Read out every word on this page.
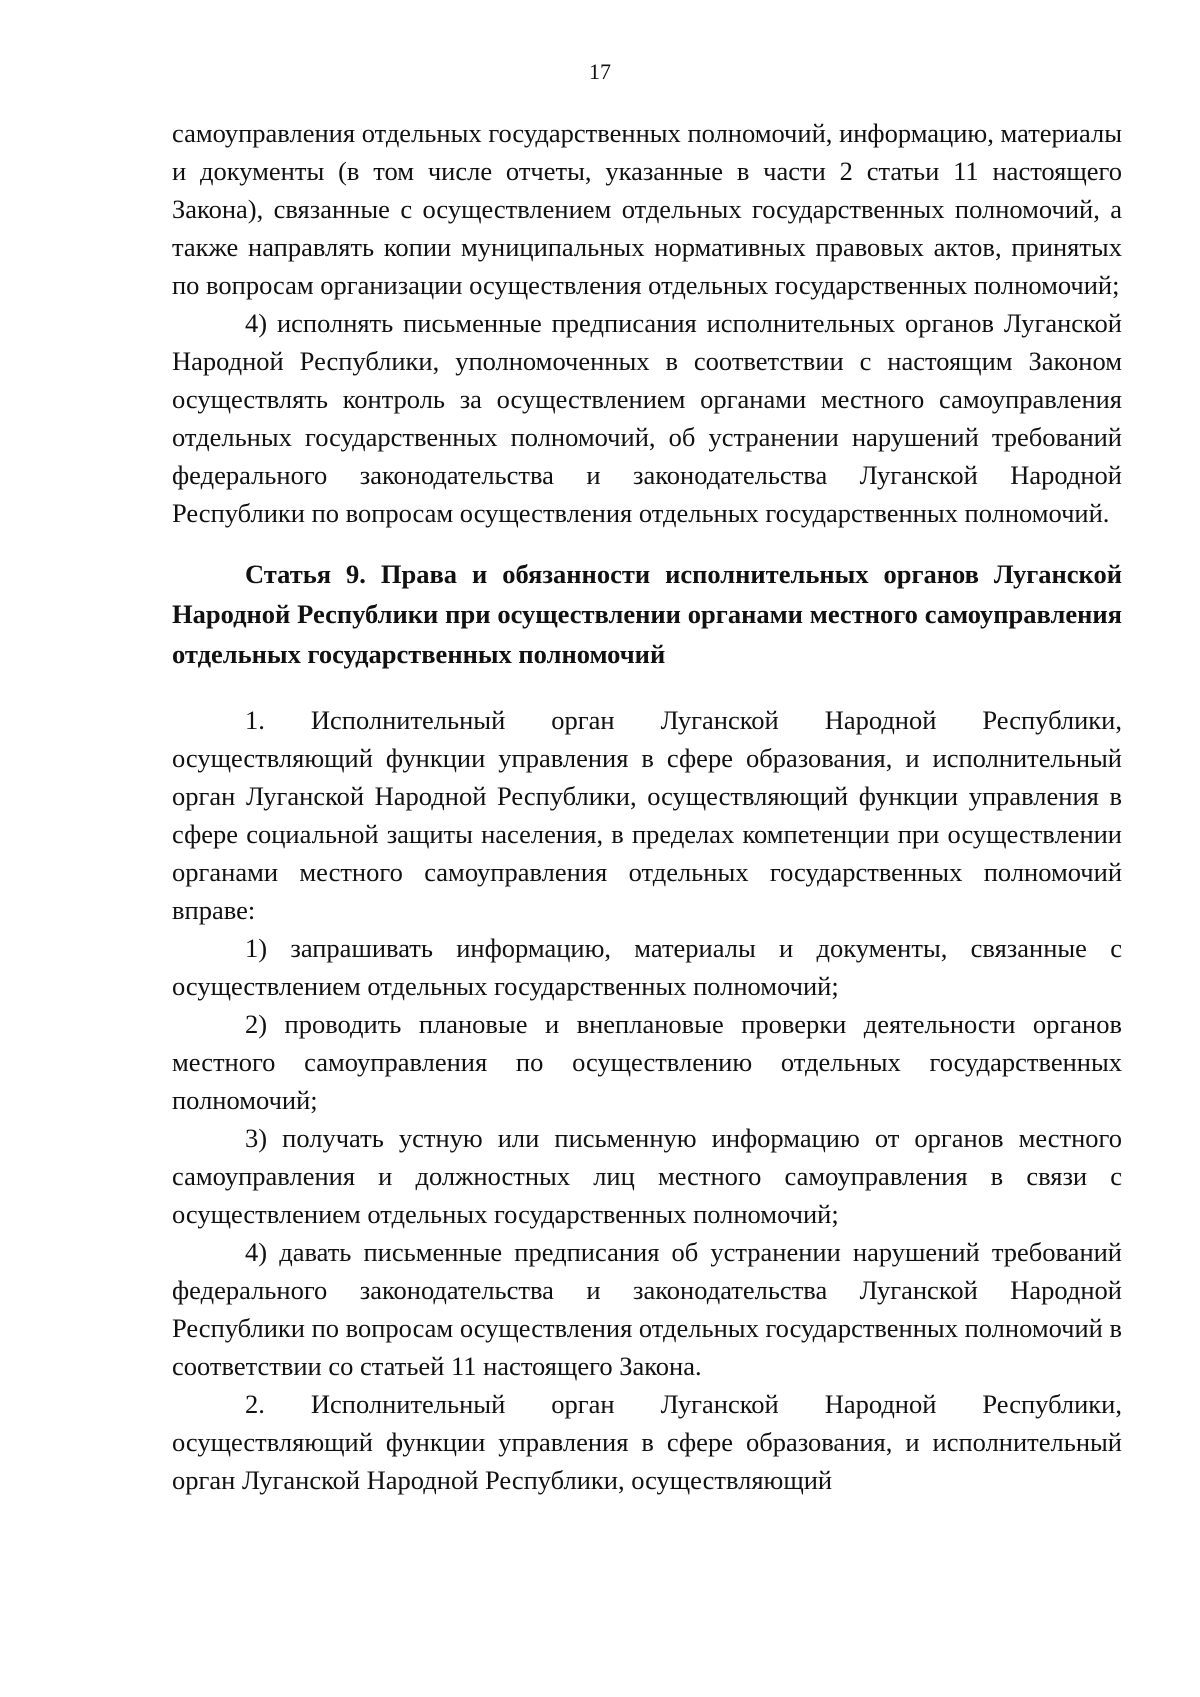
17

самоуправления отдельных государственных полномочий, информацию, материалы и документы (в том числе отчеты, указанные в части 2 статьи 11 настоящего Закона), связанные с осуществлением отдельных государственных полномочий, а также направлять копии муниципальных нормативных правовых актов, принятых по вопросам организации осуществления отдельных государственных полномочий;

4) исполнять письменные предписания исполнительных органов Луганской Народной Республики, уполномоченных в соответствии с настоящим Законом осуществлять контроль за осуществлением органами местного самоуправления отдельных государственных полномочий, об устранении нарушений требований федерального законодательства и законодательства Луганской Народной Республики по вопросам осуществления отдельных государственных полномочий.

Статья 9. Права и обязанности исполнительных органов Луганской Народной Республики при осуществлении органами местного самоуправления отдельных государственных полномочий

1. Исполнительный орган Луганской Народной Республики, осуществляющий функции управления в сфере образования, и исполнительный орган Луганской Народной Республики, осуществляющий функции управления в сфере социальной защиты населения, в пределах компетенции при осуществлении органами местного самоуправления отдельных государственных полномочий вправе:

1) запрашивать информацию, материалы и документы, связанные с осуществлением отдельных государственных полномочий;

2) проводить плановые и внеплановые проверки деятельности органов местного самоуправления по осуществлению отдельных государственных полномочий;

3) получать устную или письменную информацию от органов местного самоуправления и должностных лиц местного самоуправления в связи с осуществлением отдельных государственных полномочий;

4) давать письменные предписания об устранении нарушений требований федерального законодательства и законодательства Луганской Народной Республики по вопросам осуществления отдельных государственных полномочий в соответствии со статьей 11 настоящего Закона.

2. Исполнительный орган Луганской Народной Республики, осуществляющий функции управления в сфере образования, и исполнительный орган Луганской Народной Республики, осуществляющий
